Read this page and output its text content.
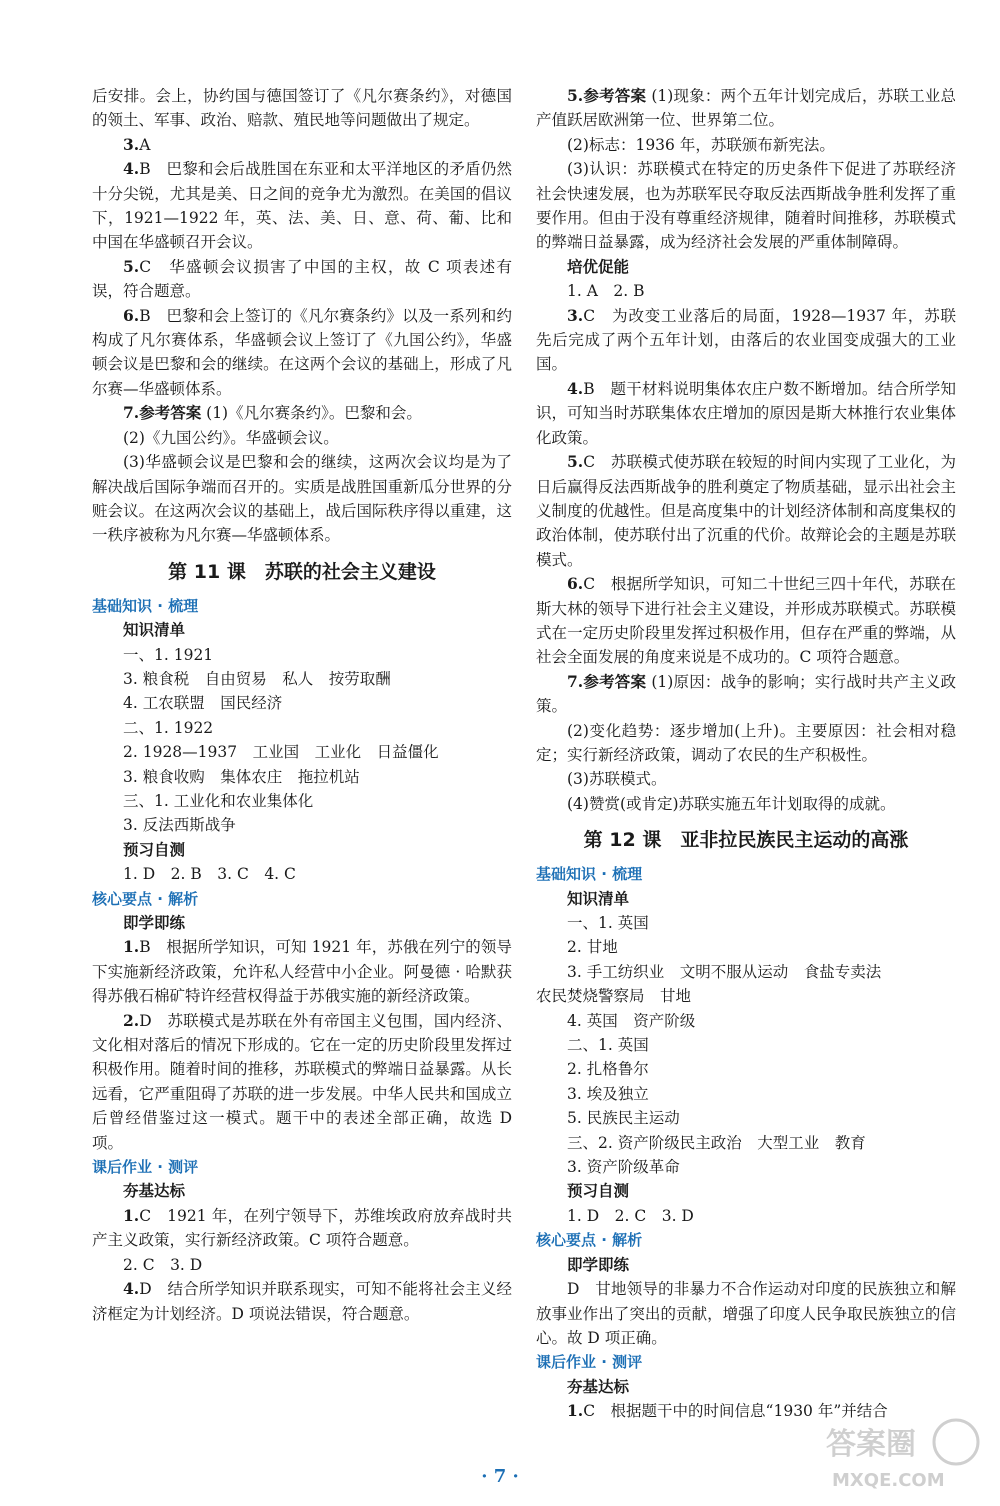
后安排。会上，协约国与德国签订了《凡尔赛条约》，对德国的领土、军事、政治、赔款、殖民地等问题做出了规定。

3.A

4.B　巴黎和会后战胜国在东亚和太平洋地区的矛盾仍然十分尖锐，尤其是美、日之间的竞争尤为激烈。在美国的倡议下，1921—1922 年，英、法、美、日、意、荷、葡、比和中国在华盛顿召开会议。

5.C　华盛顿会议损害了中国的主权，故 C 项表述有误，符合题意。

6.B　巴黎和会上签订的《凡尔赛条约》以及一系列和约构成了凡尔赛体系，华盛顿会议上签订了《九国公约》，华盛顿会议是巴黎和会的继续。在这两个会议的基础上，形成了凡尔赛—华盛顿体系。

7.参考答案 (1)《凡尔赛条约》。巴黎和会。

(2)《九国公约》。华盛顿会议。

(3)华盛顿会议是巴黎和会的继续，这两次会议均是为了解决战后国际争端而召开的。实质是战胜国重新瓜分世界的分赃会议。在这两次会议的基础上，战后国际秩序得以重建，这一秩序被称为凡尔赛—华盛顿体系。

第 11 课　苏联的社会主义建设
基础知识 · 梳理

知识清单

一、1. 1921

3. 粮食税　自由贸易　私人　按劳取酬

4. 工农联盟　国民经济

二、1. 1922

2. 1928—1937　工业国　工业化　日益僵化

3. 粮食收购　集体农庄　拖拉机站

三、1. 工业化和农业集体化

3. 反法西斯战争

预习自测

1. D　2. B　3. C　4. C

核心要点 · 解析

即学即练

1.B　根据所学知识，可知 1921 年，苏俄在列宁的领导下实施新经济政策，允许私人经营中小企业。阿曼德 · 哈默获得苏俄石棉矿特许经营权得益于苏俄实施的新经济政策。

2.D　苏联模式是苏联在外有帝国主义包围，国内经济、文化相对落后的情况下形成的。它在一定的历史阶段里发挥过积极作用。随着时间的推移，苏联模式的弊端日益暴露。从长远看，它严重阻碍了苏联的进一步发展。中华人民共和国成立后曾经借鉴过这一模式。题干中的表述全部正确，故选 D 项。

课后作业 · 测评

夯基达标

1.C　1921 年，在列宁领导下，苏维埃政府放弃战时共产主义政策，实行新经济政策。C 项符合题意。

2. C　3. D

4.D　结合所学知识并联系现实，可知不能将社会主义经济框定为计划经济。D 项说法错误，符合题意。

5.参考答案 (1)现象：两个五年计划完成后，苏联工业总产值跃居欧洲第一位、世界第二位。

(2)标志：1936 年，苏联颁布新宪法。

(3)认识：苏联模式在特定的历史条件下促进了苏联经济社会快速发展，也为苏联军民夺取反法西斯战争胜利发挥了重要作用。但由于没有尊重经济规律，随着时间推移，苏联模式的弊端日益暴露，成为经济社会发展的严重体制障碍。

培优促能

1. A　2. B

3.C　为改变工业落后的局面，1928—1937 年，苏联先后完成了两个五年计划，由落后的农业国变成强大的工业国。

4.B　题干材料说明集体农庄户数不断增加。结合所学知识，可知当时苏联集体农庄增加的原因是斯大林推行农业集体化政策。

5.C　苏联模式使苏联在较短的时间内实现了工业化，为日后赢得反法西斯战争的胜利奠定了物质基础，显示出社会主义制度的优越性。但是高度集中的计划经济体制和高度集权的政治体制，使苏联付出了沉重的代价。故辩论会的主题是苏联模式。

6.C　根据所学知识，可知二十世纪三四十年代，苏联在斯大林的领导下进行社会主义建设，并形成苏联模式。苏联模式在一定历史阶段里发挥过积极作用，但存在严重的弊端，从社会全面发展的角度来说是不成功的。C 项符合题意。

7.参考答案 (1)原因：战争的影响；实行战时共产主义政策。

(2)变化趋势：逐步增加(上升)。主要原因：社会相对稳定；实行新经济政策，调动了农民的生产积极性。

(3)苏联模式。

(4)赞赏(或肯定)苏联实施五年计划取得的成就。

第 12 课　亚非拉民族民主运动的高涨
基础知识 · 梳理

知识清单

一、1. 英国

2. 甘地

3. 手工纺织业　文明不服从运动　食盐专卖法

农民焚烧警察局　甘地

4. 英国　资产阶级

二、1. 英国

2. 扎格鲁尔

3. 埃及独立

5. 民族民主运动

三、2. 资产阶级民主政治　大型工业　教育

3. 资产阶级革命

预习自测

1. D　2. C　3. D

核心要点 · 解析

即学即练

D　甘地领导的非暴力不合作运动对印度的民族独立和解放事业作出了突出的贡献，增强了印度人民争取民族独立的信心。故 D 项正确。

课后作业 · 测评

夯基达标

1.C　根据题干中的时间信息“1930 年”并结合

· 7 ·
答案圈
MXQE.COM
